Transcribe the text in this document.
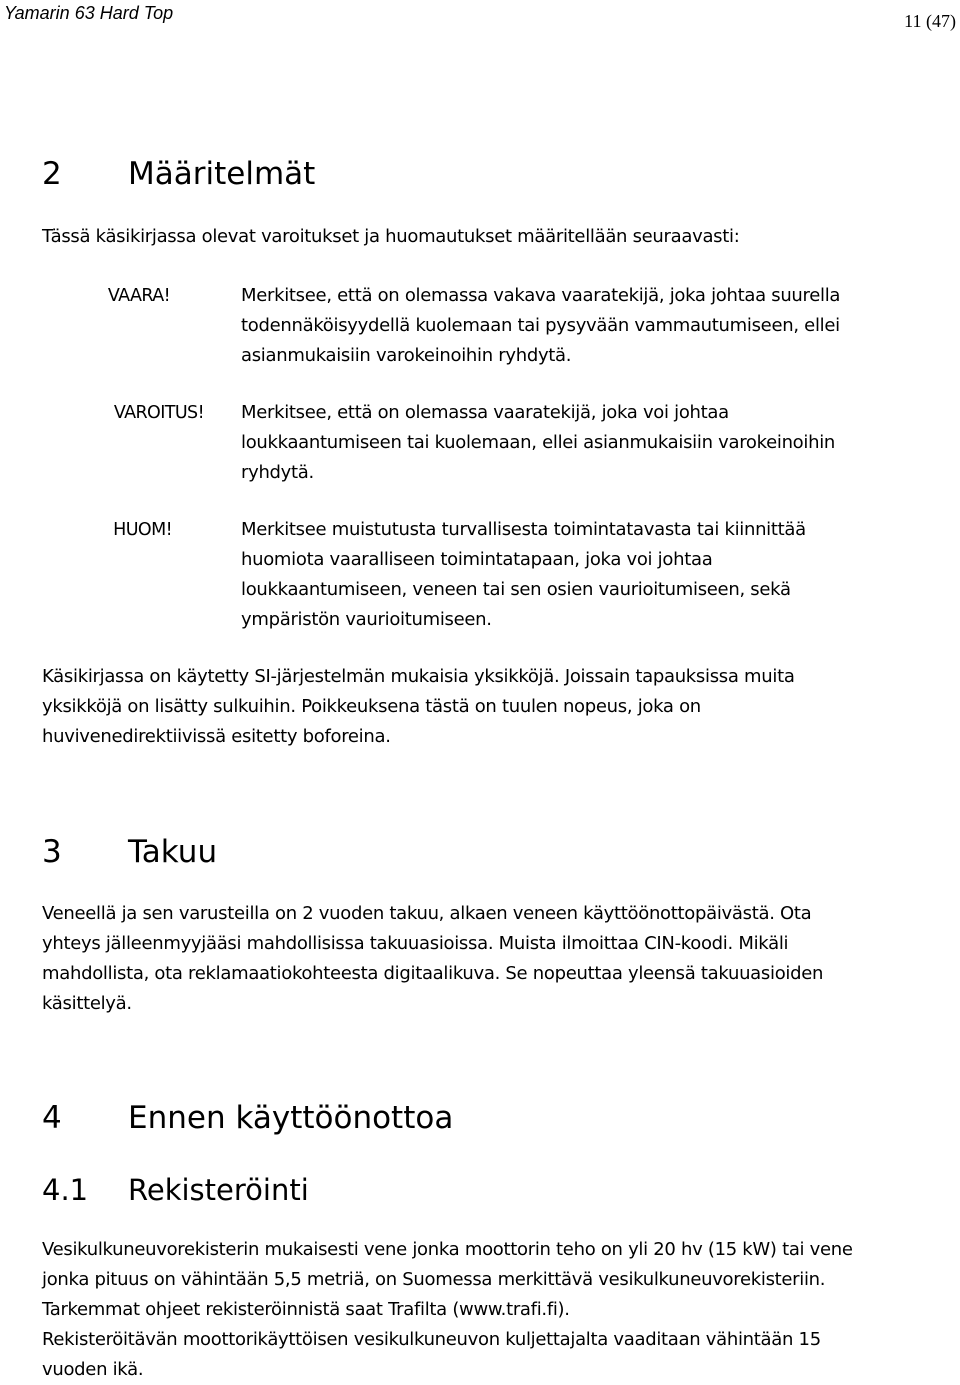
Yamarin 63 Hard Top	11 (47)
2 Määritelmät

Tässä käsikirjassa olevat varoitukset ja huomautukset määritellään seuraavasti:

VAARA!	Merkitsee, että on olemassa vakava vaaratekijä, joka johtaa suurella
todennäköisyydellä kuolemaan tai pysyvään vammautumiseen, ellei
asianmukaisiin varokeinoihin ryhdytä.
VAROITUS! Merkitsee, että on olemassa vaaratekijä, joka voi johtaa
loukkaantumiseen tai kuolemaan, ellei asianmukaisiin varokeinoihin
ryhdytä.
HUOM!	Merkitsee muistutusta turvallisesta toimintatavasta tai kiinnittää
huomiota vaaralliseen toimintatapaan, joka voi johtaa
loukkaantumiseen, veneen tai sen osien vaurioitumiseen, sekä
ympäristön vaurioitumiseen.
Käsikirjassa on käytetty SI-järjestelmän mukaisia yksikköjä. Joissain tapauksissa muita
yksikköjä on lisätty sulkuihin. Poikkeuksena tästä on tuulen nopeus, joka on
huvivenedirektiivissä esitetty boforeina.
3 Takuu
Veneellä ja sen varusteilla on 2 vuoden takuu, alkaen veneen käyttöönottopäivästä. Ota
yhteys jälleenmyyjääsi mahdollisissa takuuasioissa. Muista ilmoittaa CIN-koodi. Mikäli
mahdollista, ota reklamaatiokohteesta digitaalikuva. Se nopeuttaa yleensä takuuasioiden
käsittelyä.
4 Ennen käyttöönottoa
4.1 Rekisteröinti
Vesikulkuneuvorekisterin mukaisesti vene jonka moottorin teho on yli 20 hv (15 kW) tai vene
jonka pituus on vähintään 5,5 metriä, on Suomessa merkittävä vesikulkuneuvorekisteriin.
Tarkemmat ohjeet rekisteröinnistä saat Trafilta (www.trafi.fi).
Rekisteröitävän moottorikäyttöisen vesikulkuneuvon kuljettajalta vaaditaan vähintään 15
vuoden ikä.
